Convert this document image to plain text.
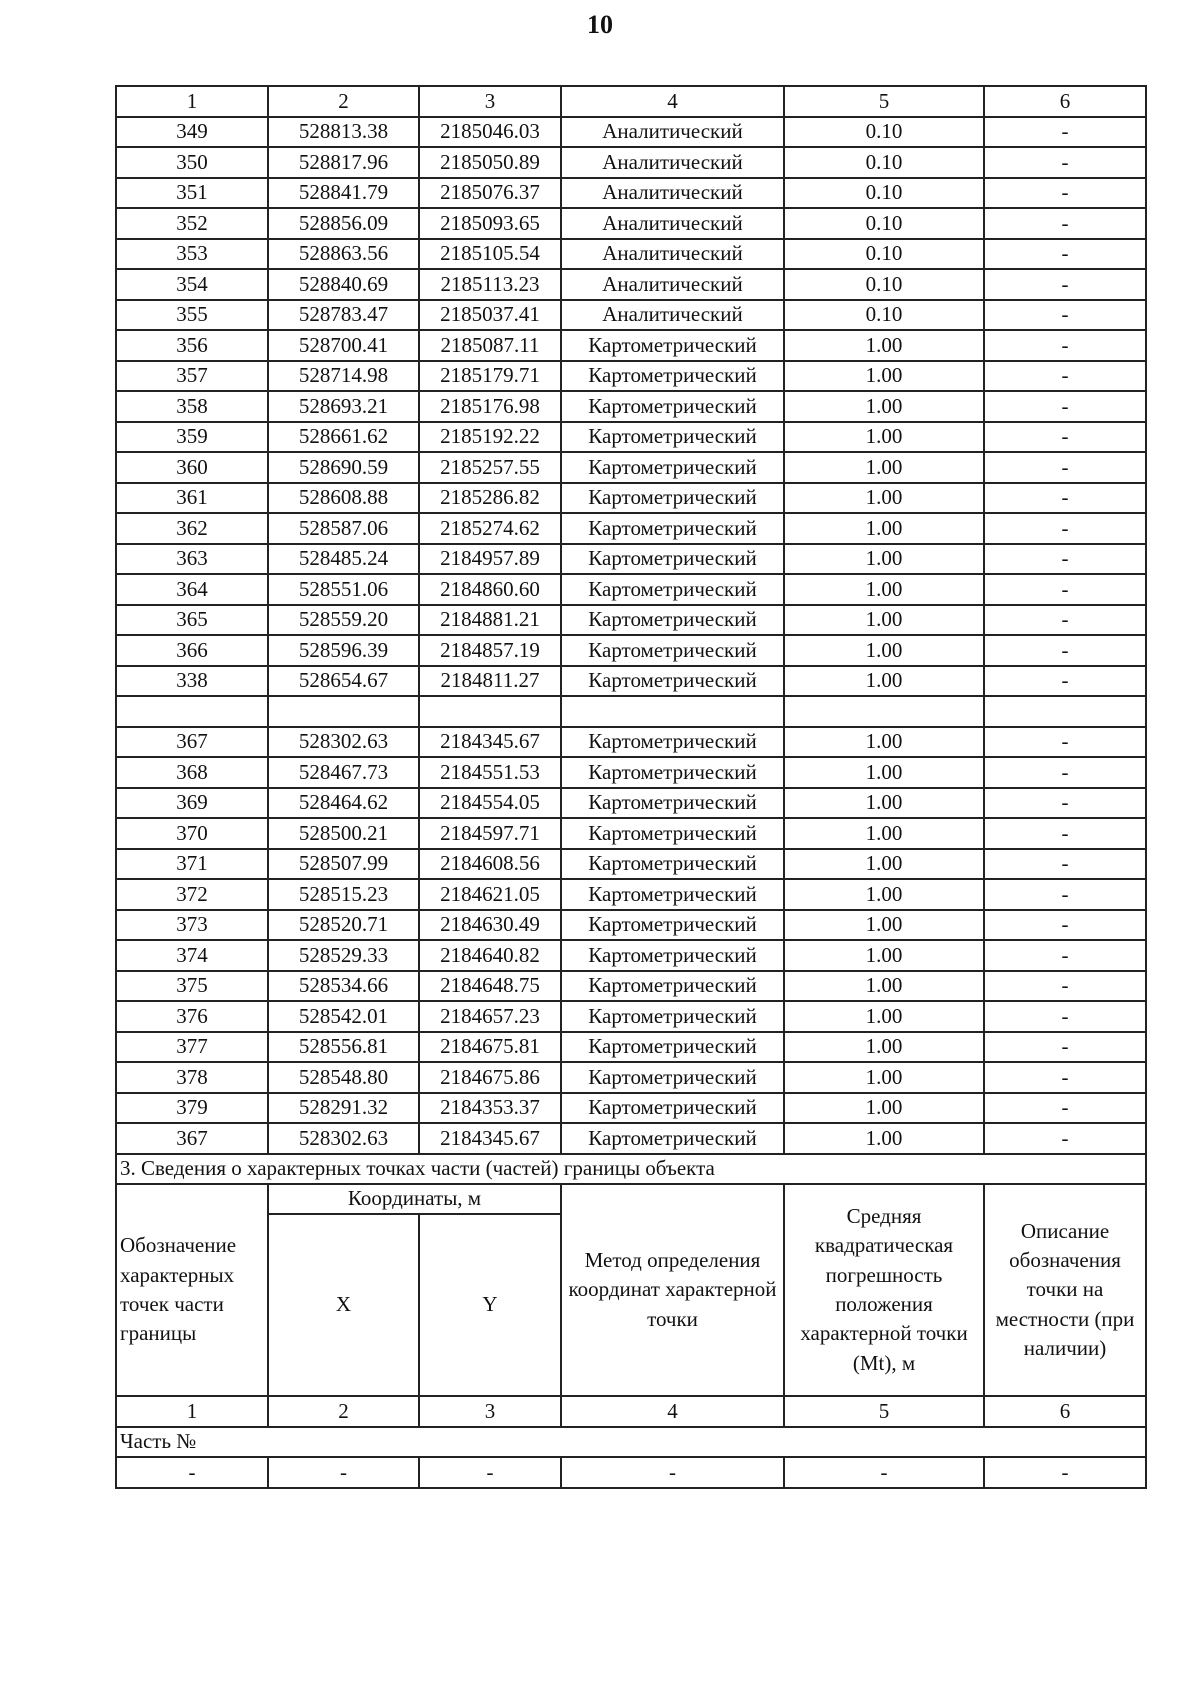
10
1	2	3	4	5	6
349	528813.38	2185046.03	Аналитический	0.10	-
350	528817.96	2185050.89	Аналитический	0.10	-
351	528841.79	2185076.37	Аналитический	0.10	-
352	528856.09	2185093.65	Аналитический	0.10	-
353	528863.56	2185105.54	Аналитический	0.10	-
354	528840.69	2185113.23	Аналитический	0.10	-
355	528783.47	2185037.41	Аналитический	0.10	-
356	528700.41	2185087.11	Картометрический	1.00	-
357	528714.98	2185179.71	Картометрический	1.00	-
358	528693.21	2185176.98	Картометрический	1.00	-
359	528661.62	2185192.22	Картометрический	1.00	-
360	528690.59	2185257.55	Картометрический	1.00	-
361	528608.88	2185286.82	Картометрический	1.00	-
362	528587.06	2185274.62	Картометрический	1.00	-
363	528485.24	2184957.89	Картометрический	1.00	-
364	528551.06	2184860.60	Картометрический	1.00	-
365	528559.20	2184881.21	Картометрический	1.00	-
366	528596.39	2184857.19	Картометрический	1.00	-
338	528654.67	2184811.27	Картометрический	1.00	-

367	528302.63	2184345.67	Картометрический	1.00	-
368	528467.73	2184551.53	Картометрический	1.00	-
369	528464.62	2184554.05	Картометрический	1.00	-
370	528500.21	2184597.71	Картометрический	1.00	-
371	528507.99	2184608.56	Картометрический	1.00	-
372	528515.23	2184621.05	Картометрический	1.00	-
373	528520.71	2184630.49	Картометрический	1.00	-
374	528529.33	2184640.82	Картометрический	1.00	-
375	528534.66	2184648.75	Картометрический	1.00	-
376	528542.01	2184657.23	Картометрический	1.00	-
377	528556.81	2184675.81	Картометрический	1.00	-
378	528548.80	2184675.86	Картометрический	1.00	-
379	528291.32	2184353.37	Картометрический	1.00	-
367	528302.63	2184345.67	Картометрический	1.00	-
3. Сведения о характерных точках части (частей) границы объекта					
Обозначение характерных точек части границы	Координаты, м		Метод определения координат характерной точки	Средняя квадратическая погрешность положения характерной точки (Mt), м	Описание обозначения точки на местности (при наличии)
	X	Y			
1	2	3	4	5	6
Часть №					
-	-	-	-	-	-
